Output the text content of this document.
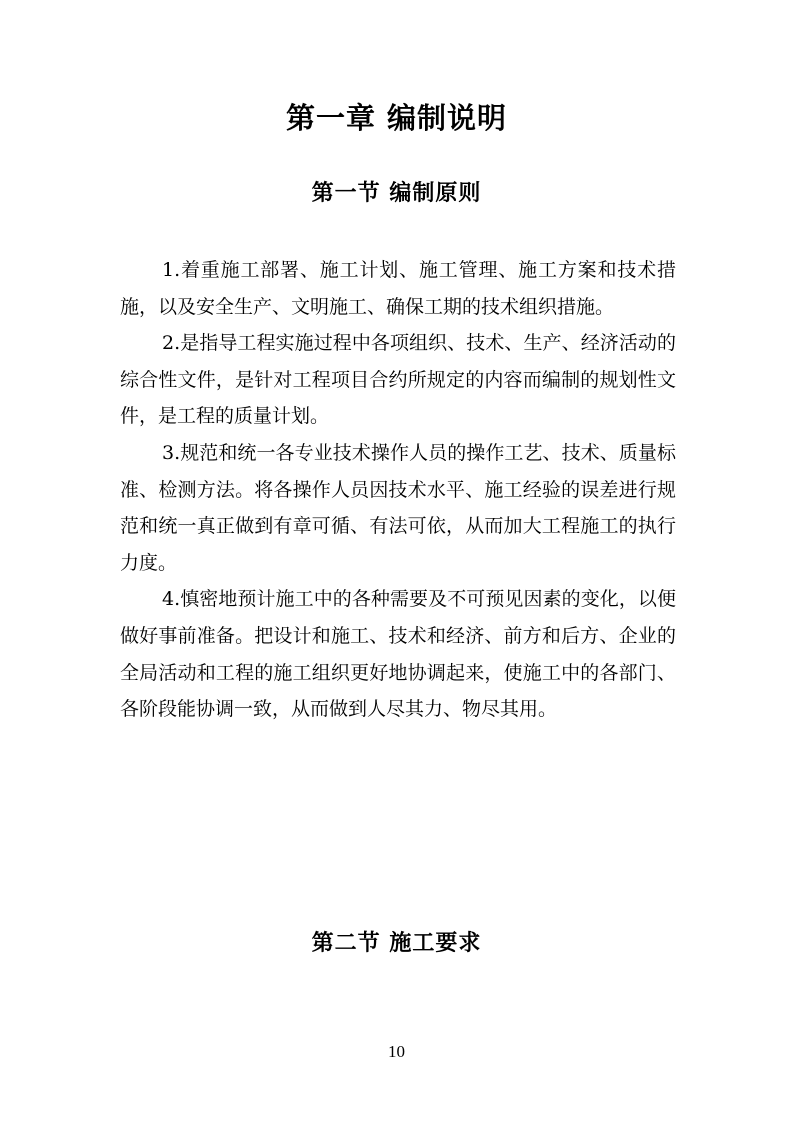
第一章 编制说明
第一节 编制原则

1.着重施工部署、施工计划、施工管理、施工方案和技术措施，以及安全生产、文明施工、确保工期的技术组织措施。

2.是指导工程实施过程中各项组织、技术、生产、经济活动的综合性文件，是针对工程项目合约所规定的内容而编制的规划性文件，是工程的质量计划。

3.规范和统一各专业技术操作人员的操作工艺、技术、质量标准、检测方法。将各操作人员因技术水平、施工经验的误差进行规范和统一真正做到有章可循、有法可依，从而加大工程施工的执行力度。

4.慎密地预计施工中的各种需要及不可预见因素的变化，以便做好事前准备。把设计和施工、技术和经济、前方和后方、企业的全局活动和工程的施工组织更好地协调起来，使施工中的各部门、各阶段能协调一致，从而做到人尽其力、物尽其用。

第二节 施工要求
10
